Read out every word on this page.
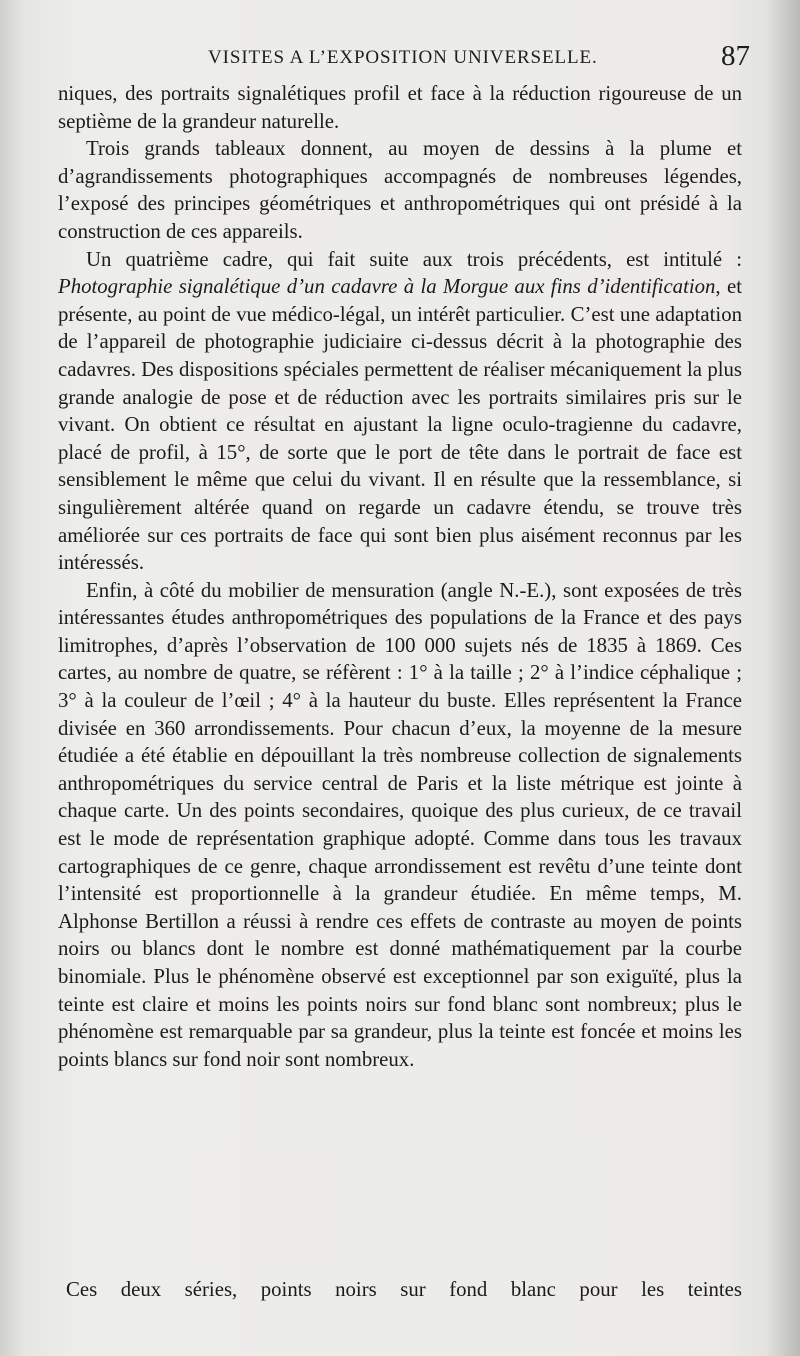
VISITES A L’EXPOSITION UNIVERSELLE.	87

niques, des portraits signalétiques profil et face à la réduction rigoureuse de un septième de la grandeur naturelle.

Trois grands tableaux donnent, au moyen de dessins à la plume et d’agrandissements photographiques accompagnés de nombreuses légendes, l’exposé des principes géométriques et anthropométriques qui ont présidé à la construction de ces appareils.

Un quatrième cadre, qui fait suite aux trois précédents, est intitulé : Photographie signalétique d’un cadavre à la Morgue aux fins d’identification, et présente, au point de vue médico-légal, un intérêt particulier. C’est une adaptation de l’appareil de photographie judiciaire ci-dessus décrit à la photographie des cadavres. Des dispositions spéciales permettent de réaliser mécaniquement la plus grande analogie de pose et de réduction avec les portraits similaires pris sur le vivant. On obtient ce résultat en ajustant la ligne oculo-tragienne du cadavre, placé de profil, à 15°, de sorte que le port de tête dans le portrait de face est sensiblement le même que celui du vivant. Il en résulte que la ressemblance, si singulièrement altérée quand on regarde un cadavre étendu, se trouve très améliorée sur ces portraits de face qui sont bien plus aisément reconnus par les intéressés.

Enfin, à côté du mobilier de mensuration (angle N.-E.), sont exposées de très intéressantes études anthropométriques des populations de la France et des pays limitrophes, d’après l’observation de 100 000 sujets nés de 1835 à 1869. Ces cartes, au nombre de quatre, se réfèrent : 1° à la taille ; 2° à l’indice céphalique ; 3° à la couleur de l’œil ; 4° à la hauteur du buste. Elles représentent la France divisée en 360 arrondissements. Pour chacun d’eux, la moyenne de la mesure étudiée a été établie en dépouillant la très nombreuse collection de signalements anthropométriques du service central de Paris et la liste métrique est jointe à chaque carte. Un des points secondaires, quoique des plus curieux, de ce travail est le mode de représentation graphique adopté. Comme dans tous les travaux cartographiques de ce genre, chaque arrondissement est revêtu d’une teinte dont l’intensité est proportionnelle à la grandeur étudiée. En même temps, M. Alphonse Bertillon a réussi à rendre ces effets de contraste au moyen de points noirs ou blancs dont le nombre est donné mathématiquement par la courbe binomiale. Plus le phénomène observé est exceptionnel par son exiguïté, plus la teinte est claire et moins les points noirs sur fond blanc sont nombreux; plus le phénomène est remarquable par sa grandeur, plus la teinte est foncée et moins les points blancs sur fond noir sont nombreux.

Ces deux séries, points noirs sur fond blanc pour les teintes
